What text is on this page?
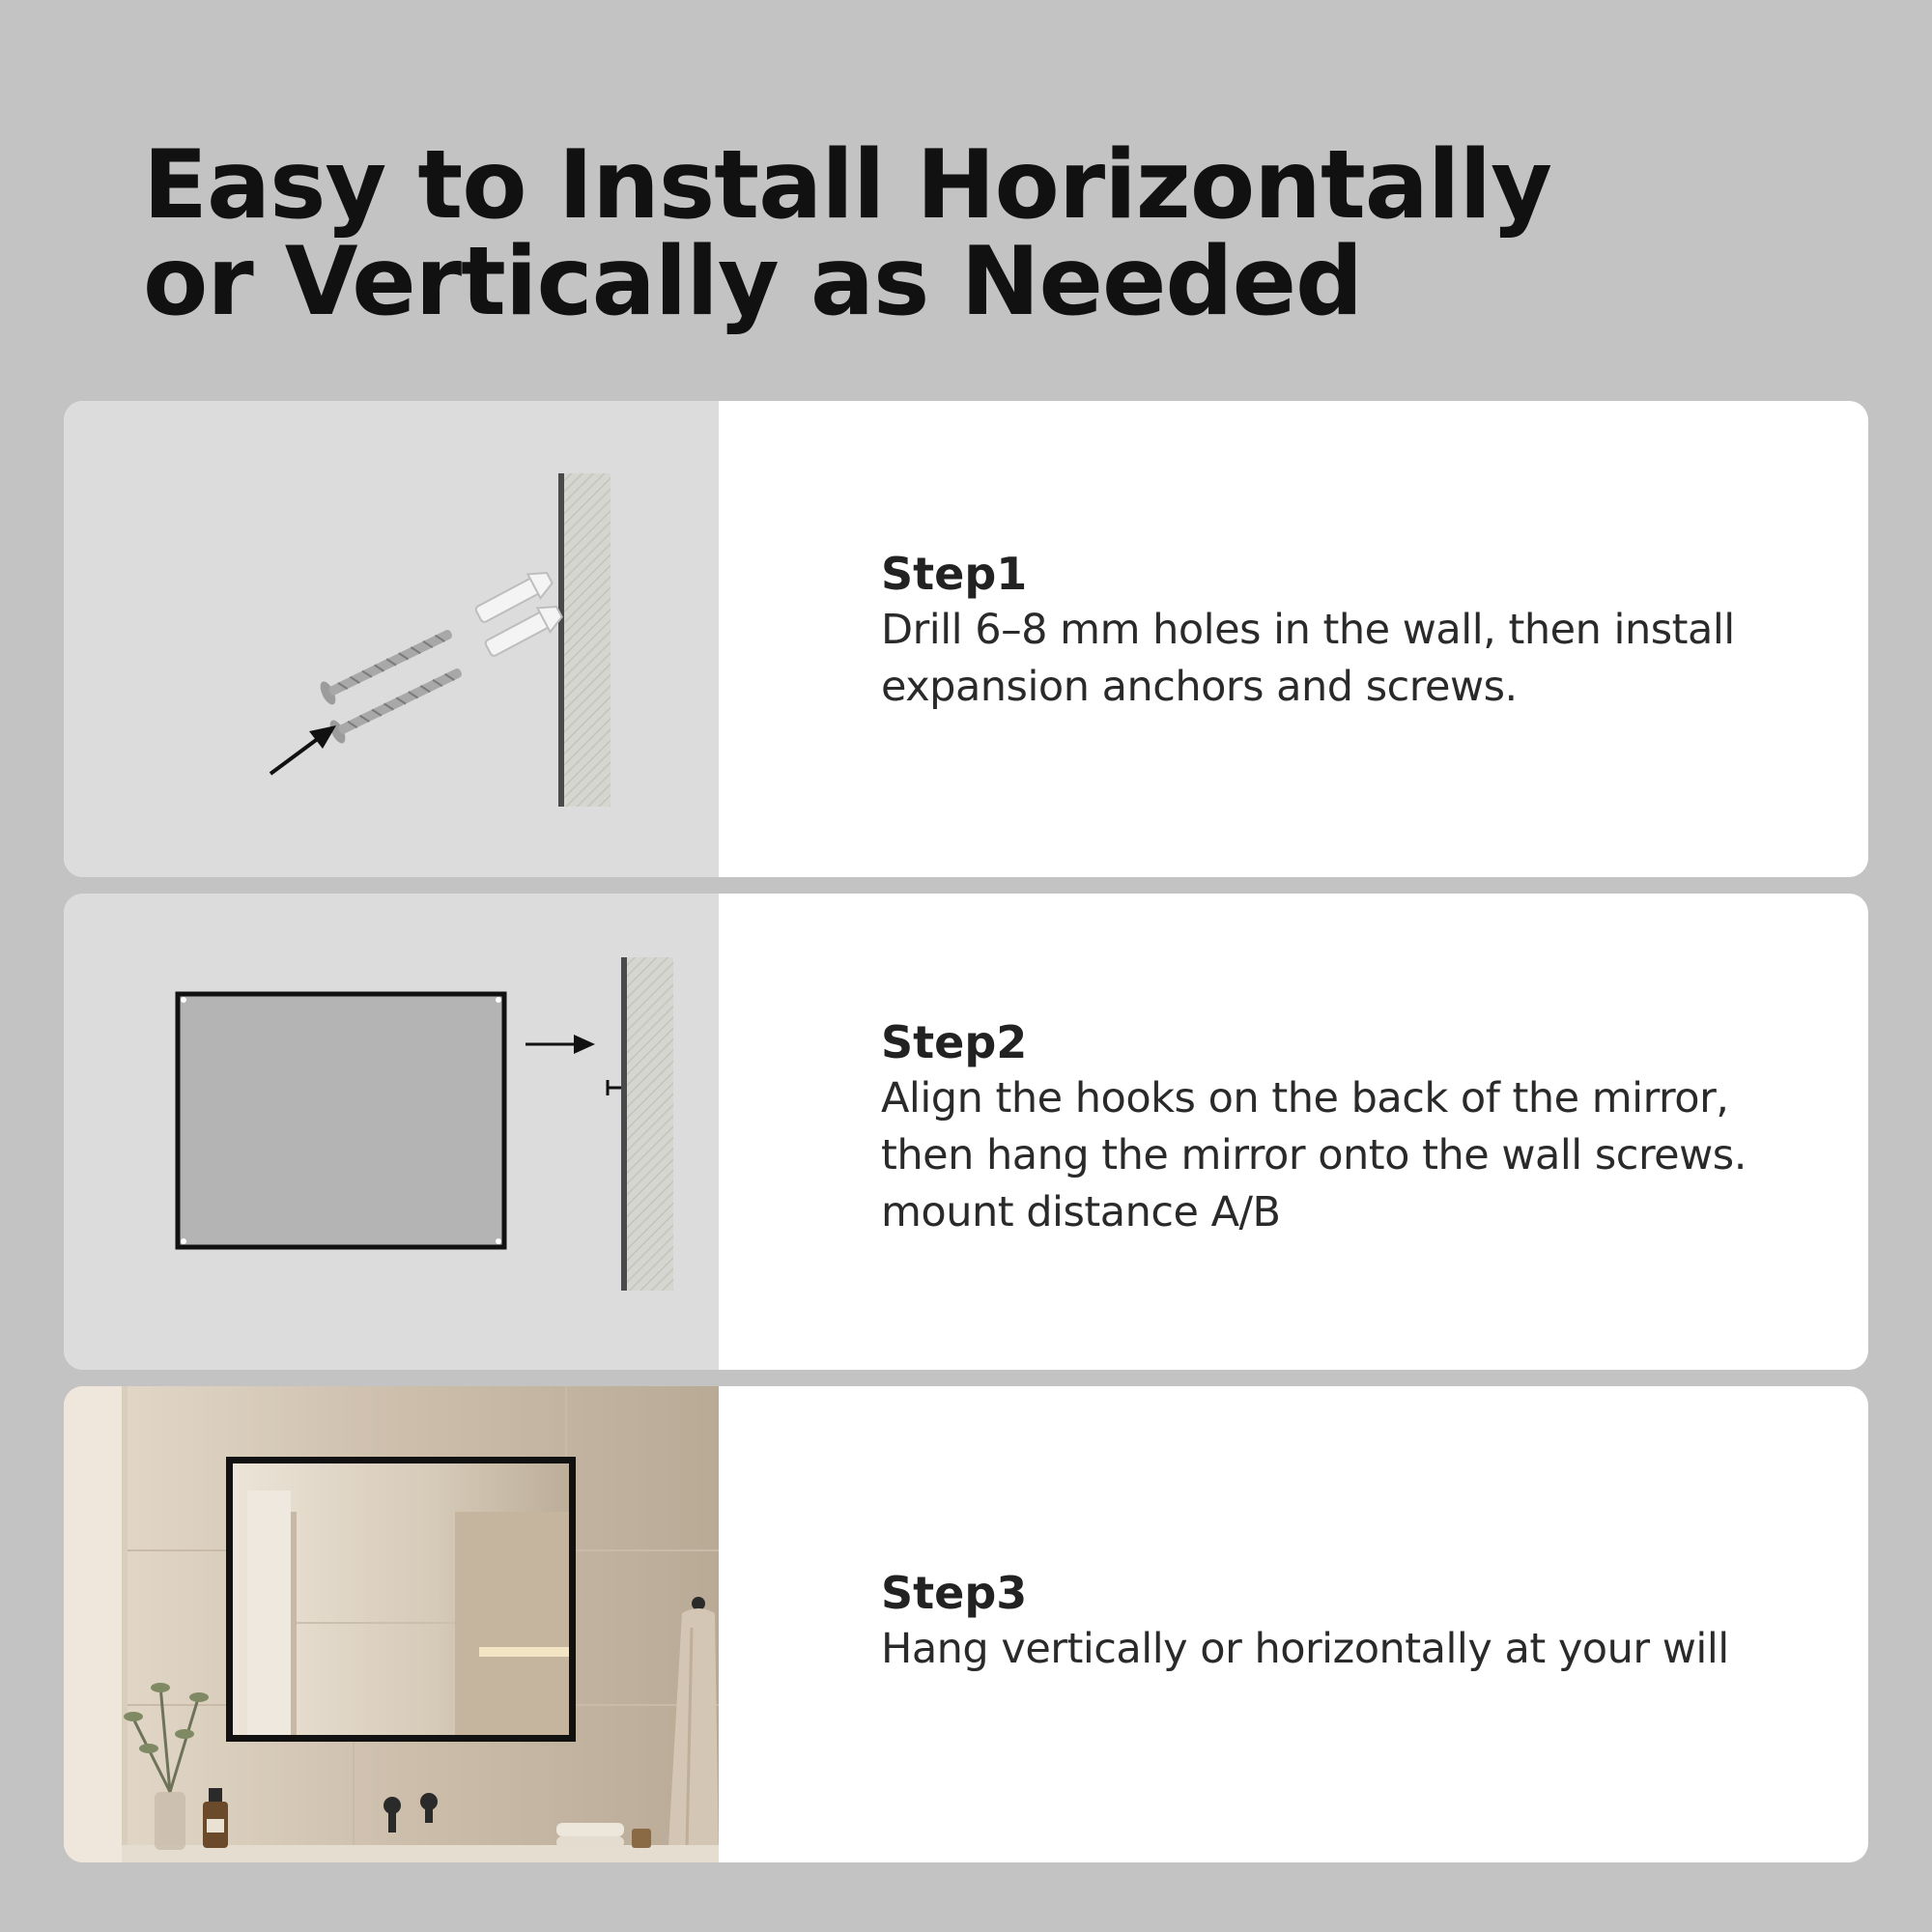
Easy to Install Horizontally
or Vertically as Needed
Step1
Drill 6–8 mm holes in the wall, then install
expansion anchors and screws.
Step2
Align the hooks on the back of the mirror,
then hang the mirror onto the wall screws.
mount distance A/B
Step3
Hang vertically or horizontally at your will
